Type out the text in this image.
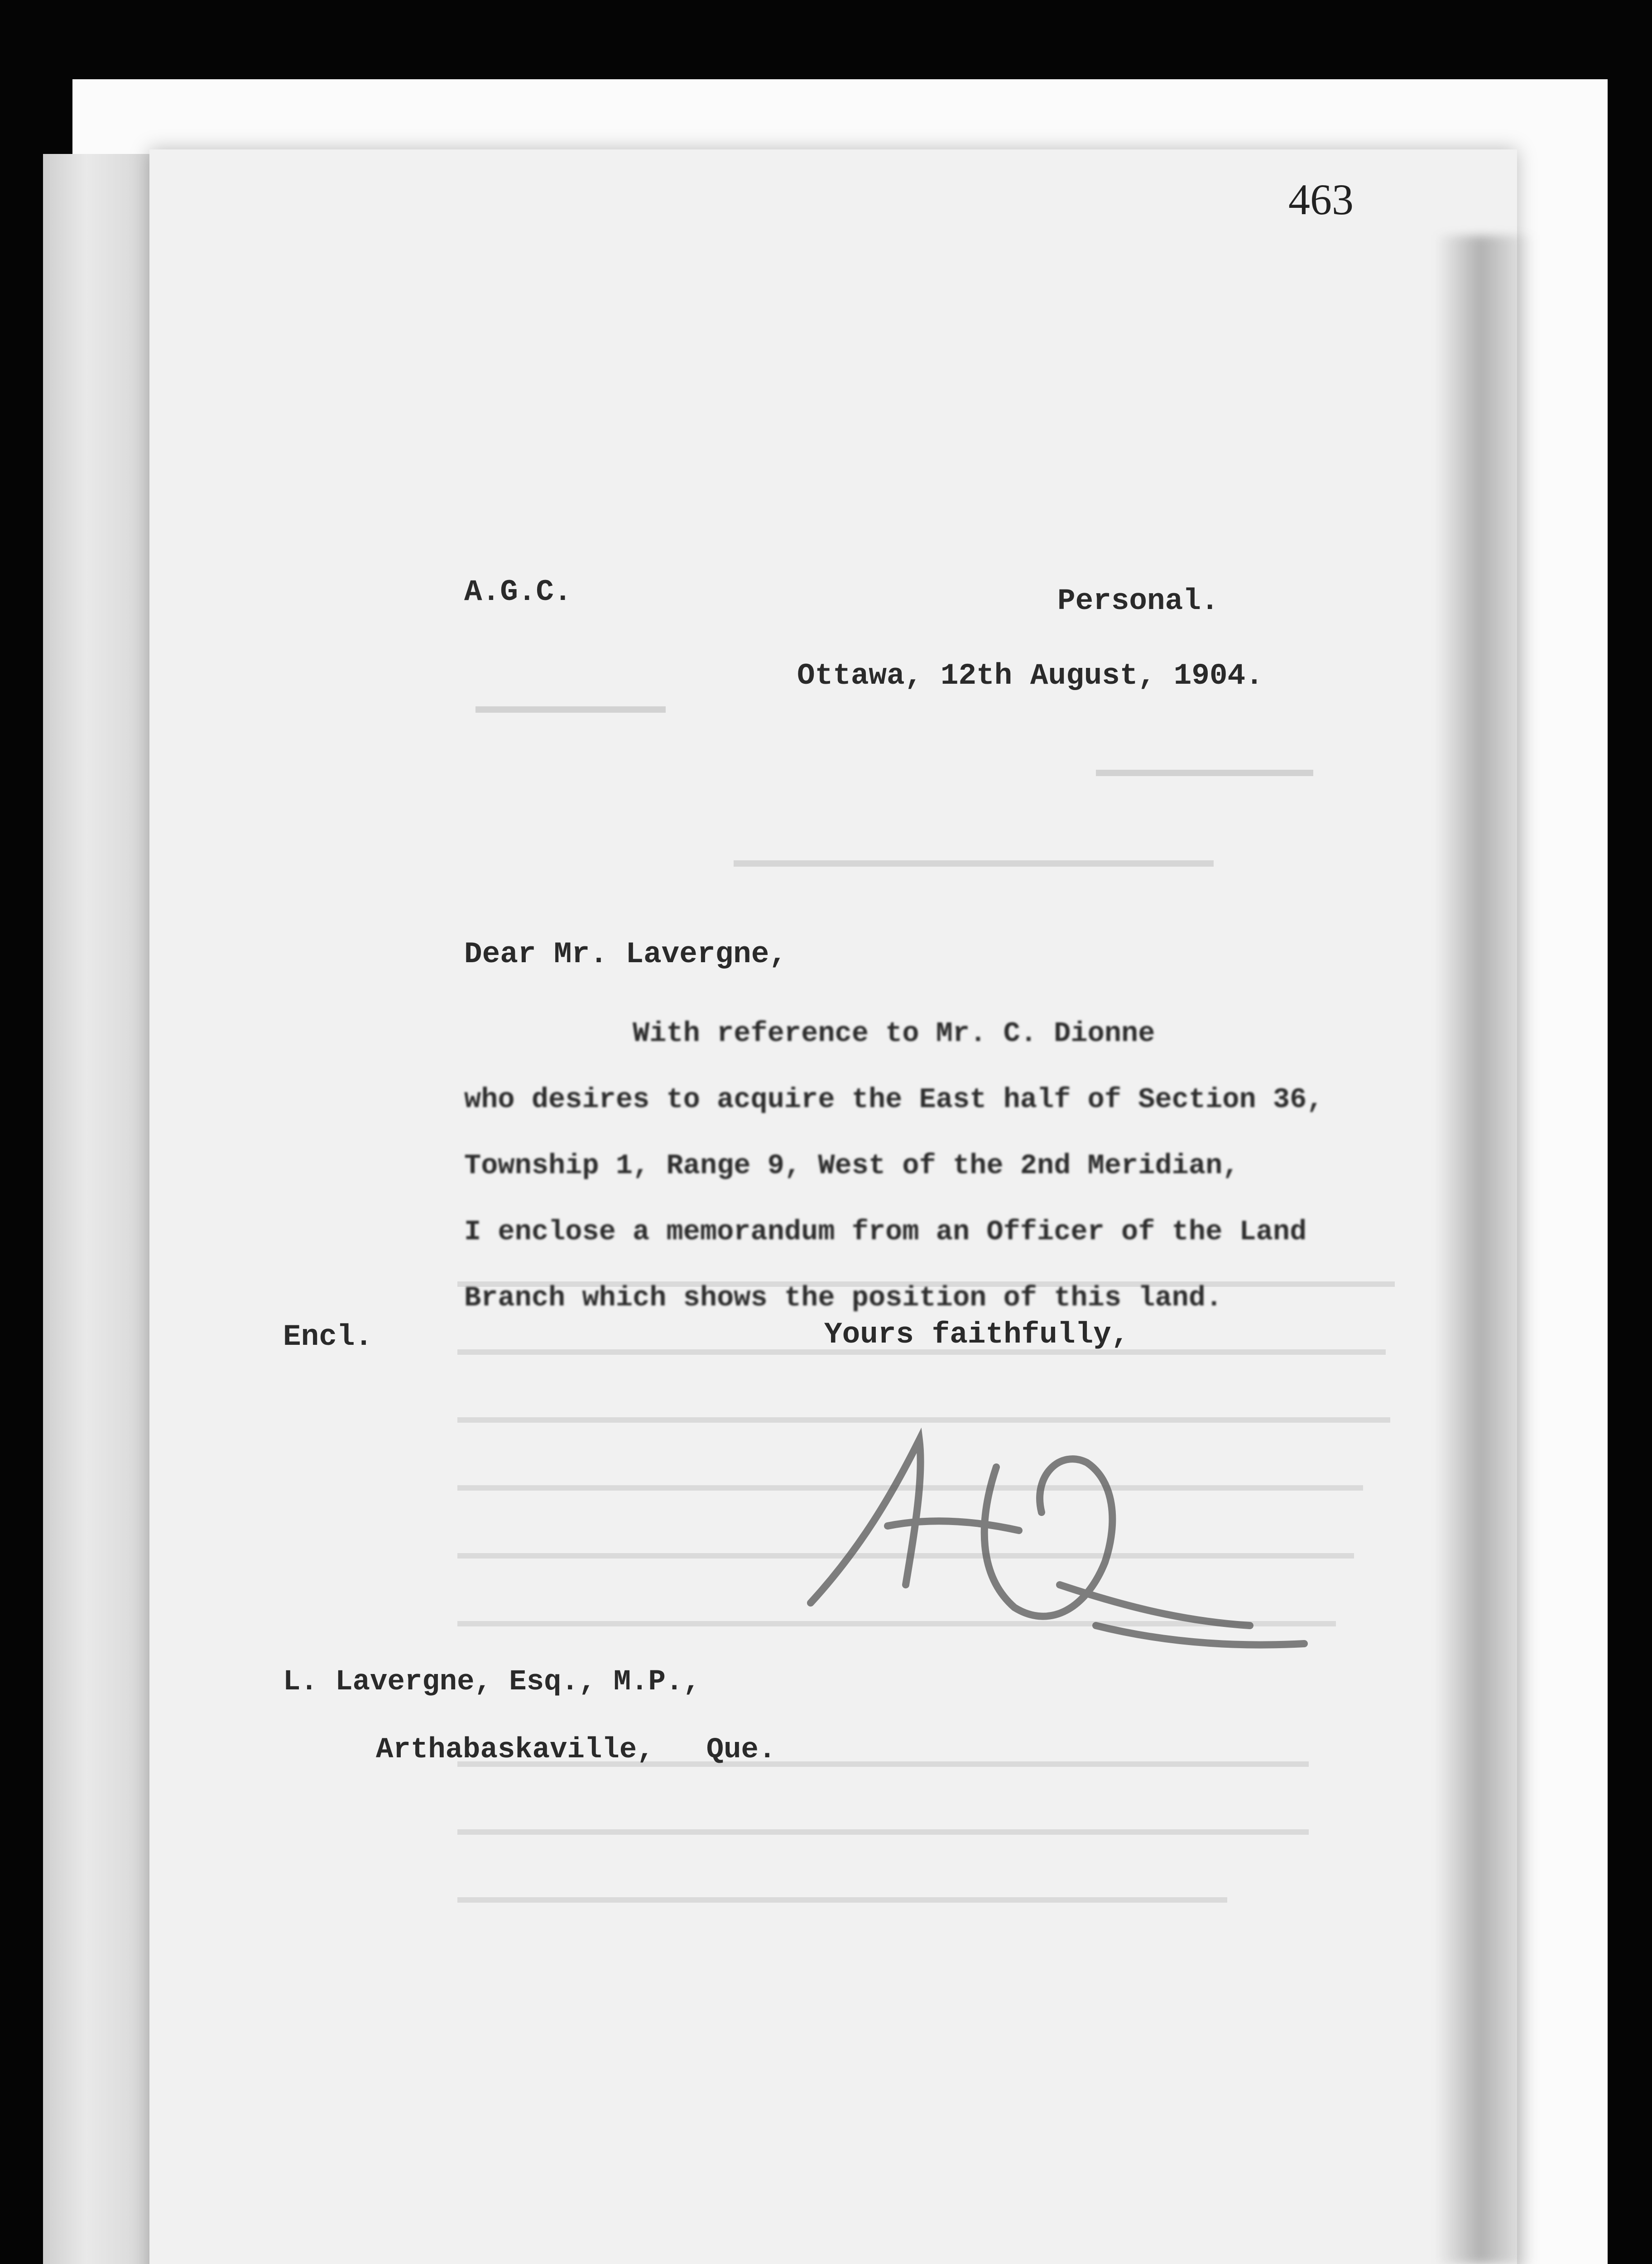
463
A.G.C.	Personal.
Ottawa, 12th August, 1904.
Dear Mr. Lavergne,
With reference to Mr. C. Dionne
who desires to acquire the East half of Section 36,
Township 1, Range 9, West of the 2nd Meridian,
I enclose a memorandum from an Officer of the Land
Branch which shows the position of this land.
Encl.	Yours faithfully,
L. Lavergne, Esq., M.P.,
Arthabaskaville,   Que.
